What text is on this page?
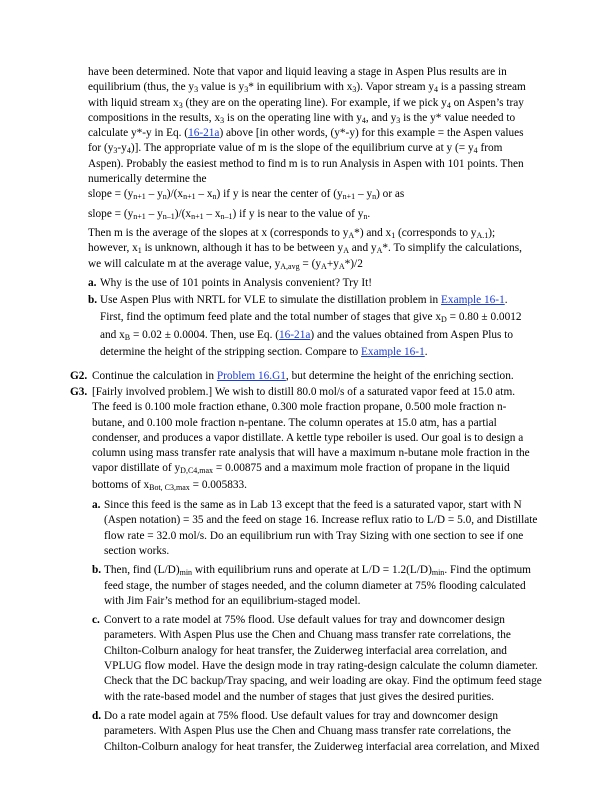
have been determined. Note that vapor and liquid leaving a stage in Aspen Plus results are in
equilibrium (thus, the $y_3$ value is $y_3*$ in equilibrium with $x_3$). Vapor stream $y_4$ is a passing stream
with liquid stream $x_3$ (they are on the operating line). For example, if we pick $y_4$ on Aspen’s tray
compositions in the results, $x_3$ is on the operating line with $y_4$, and $y_3$ is the y* value needed to
calculate y*-y in Eq. (16-21a) above [in other words, (y*-y) for this example = the Aspen values
for $(y_3-y_4)$]. The appropriate value of m is the slope of the equilibrium curve at y (= $y_4$ from
Aspen). Probably the easiest method to find m is to run Analysis in Aspen with 101 points. Then
numerically determine the
slope = $(y_{n+1} - y_n)/(x_{n+1} - x_n)$ if y is near the center of $(y_{n+1} - y_n)$ or as
slope = $(y_{n+1} - y_{n-1})/(x_{n+1} - x_{n-1})$ if y is near to the value of $y_n$.
Then m is the average of the slopes at x (corresponds to $y_A*$) and $x_1$ (corresponds to $y_{A.1}$);
however, $x_1$ is unknown, although it has to be between $y_A$ and $y_A*$. To simplify the calculations,
we will calculate m at the average value, $y_{A,avg} = (y_A+y_A*)/2$
a. Why is the use of 101 points in Analysis convenient? Try It!
b. Use Aspen Plus with NRTL for VLE to simulate the distillation problem in Example 16-1.
First, find the optimum feed plate and the total number of stages that give $x_D = 0.80 \pm 0.0012$
and $x_B = 0.02 \pm 0.0004$. Then, use Eq. (16-21a) and the values obtained from Aspen Plus to
determine the height of the stripping section. Compare to Example 16-1.
G2. Continue the calculation in Problem 16.G1, but determine the height of the enriching section.
G3. [Fairly involved problem.] We wish to distill 80.0 mol/s of a saturated vapor feed at 15.0 atm.
The feed is 0.100 mole fraction ethane, 0.300 mole fraction propane, 0.500 mole fraction n-
butane, and 0.100 mole fraction n-pentane. The column operates at 15.0 atm, has a partial
condenser, and produces a vapor distillate. A kettle type reboiler is used. Our goal is to design a
column using mass transfer rate analysis that will have a maximum n-butane mole fraction in the
vapor distillate of $y_{D,C4,max} = 0.00875$ and a maximum mole fraction of propane in the liquid
bottoms of $x_{Bot, C3,max} = 0.005833$.
a. Since this feed is the same as in Lab 13 except that the feed is a saturated vapor, start with N
(Aspen notation) = 35 and the feed on stage 16. Increase reflux ratio to L/D = 5.0, and Distillate
flow rate = 32.0 mol/s. Do an equilibrium run with Tray Sizing with one section to see if one
section works.
b. Then, find $(L/D)_{min}$ with equilibrium runs and operate at $L/D = 1.2(L/D)_{min}$. Find the optimum
feed stage, the number of stages needed, and the column diameter at 75% flooding calculated
with Jim Fair’s method for an equilibrium-staged model.
c. Convert to a rate model at 75% flood. Use default values for tray and downcomer design
parameters. With Aspen Plus use the Chen and Chuang mass transfer rate correlations, the
Chilton-Colburn analogy for heat transfer, the Zuiderweg interfacial area correlation, and
VPLUG flow model. Have the design mode in tray rating-design calculate the column diameter.
Check that the DC backup/Tray spacing, and weir loading are okay. Find the optimum feed stage
with the rate-based model and the number of stages that just gives the desired purities.
d. Do a rate model again at 75% flood. Use default values for tray and downcomer design
parameters. With Aspen Plus use the Chen and Chuang mass transfer rate correlations, the
Chilton-Colburn analogy for heat transfer, the Zuiderweg interfacial area correlation, and Mixed
